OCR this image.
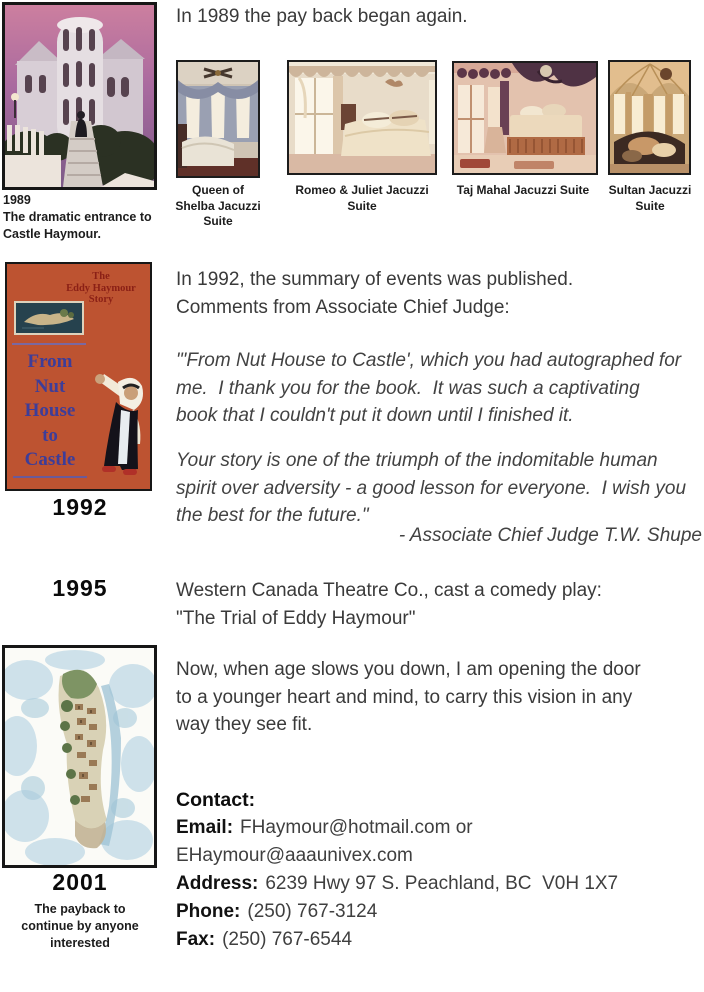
1989
The dramatic entrance to
Castle Haymour.
In 1989 the pay back began again.
Queen of
Shelba Jacuzzi
Suite
Romeo & Juliet Jacuzzi
Suite
Taj Mahal Jacuzzi Suite	Sultan Jacuzzi
Suite
The
Eddy Haymour
Story
From
Nut
House
to
Castle
1992
In 1992, the summary of events was published.
Comments from Associate Chief Judge:
"'From Nut House to Castle', which you had autographed for
me.  I thank you for the book.  It was such a captivating
book that I couldn't put it down until I finished it.
Your story is one of the triumph of the indomitable human
spirit over adversity - a good lesson for everyone.  I wish you
the best for the future."
- Associate Chief Judge T.W. Shupe
1995	Western Canada Theatre Co., cast a comedy play:
"The Trial of Eddy Haymour"
2001
The payback to
continue by anyone
interested
Now, when age slows you down, I am opening the door
to a younger heart and mind, to carry this vision in any
way they see fit.
Contact:
Email: FHaymour@hotmail.com or
EHaymour@aaaunivex.com
Address: 6239 Hwy 97 S. Peachland, BC  V0H 1X7
Phone: (250) 767-3124
Fax: (250) 767-6544
